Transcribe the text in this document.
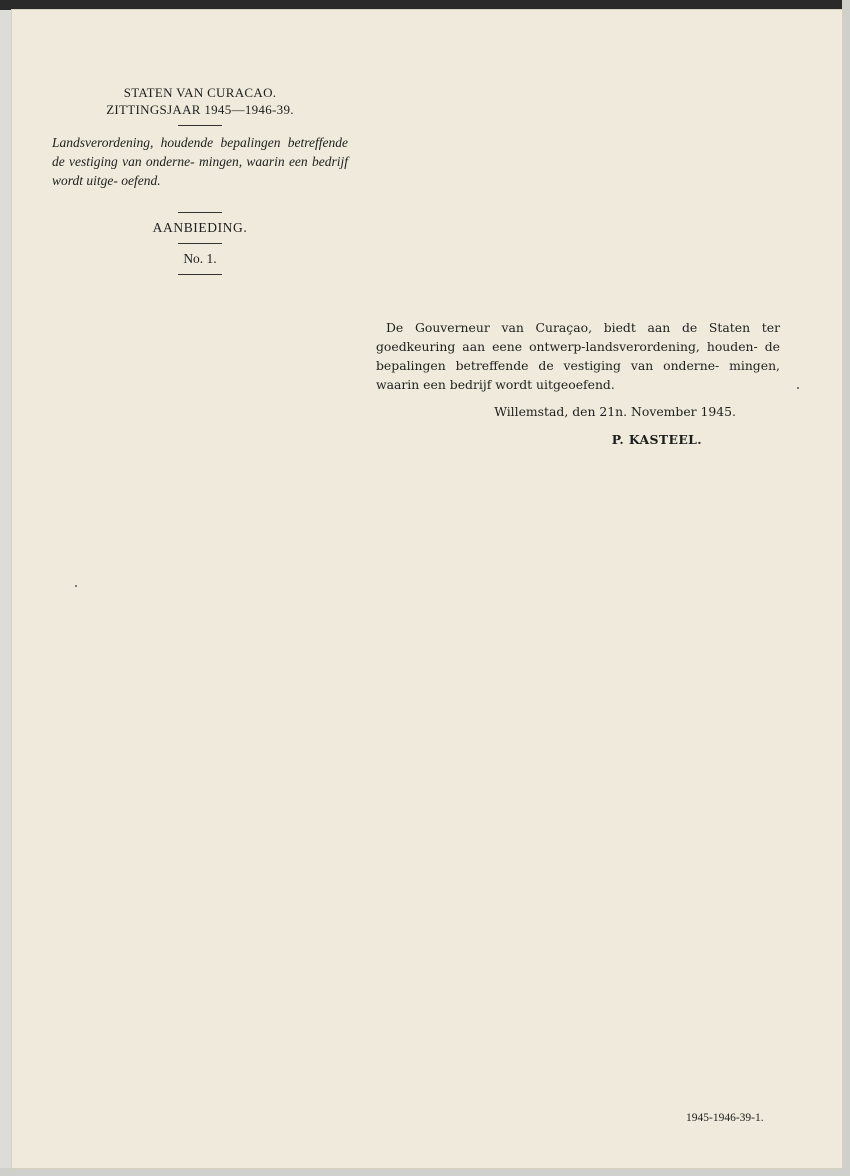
STATEN VAN CURACAO.
ZITTINGSJAAR 1945—1946-39.
Landsverordening, houdende bepalingen betreffende de vestiging van onderne- mingen, waarin een bedrijf wordt uitge- oefend.
AANBIEDING.
No. 1.
De Gouverneur van Curaçao, biedt aan de Staten ter goedkeuring aan eene ontwerp-landsverordening, houden- de bepalingen betreffende de vestiging van onderne- mingen, waarin een bedrijf wordt uitgeoefend.
Willemstad, den 21n. November 1945.
P. KASTEEL.
1945-1946-39-1.
